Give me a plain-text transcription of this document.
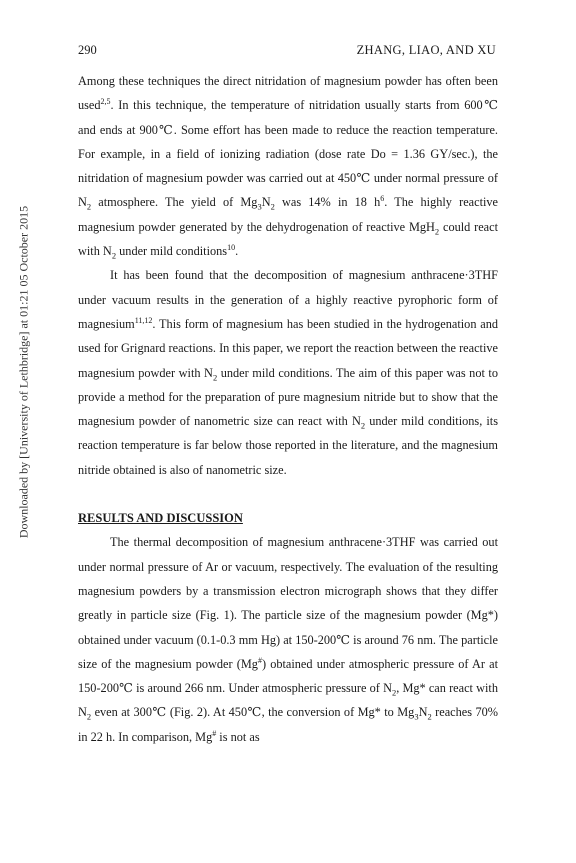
290	ZHANG, LIAO, AND XU
Downloaded by [University of Lethbridge] at 01:21 05 October 2015

Among these techniques the direct nitridation of magnesium powder has often been used$^{2,5}$. In this technique, the temperature of nitridation usually starts from 600℃ and ends at 900℃. Some effort has been made to reduce the reaction temperature. For example, in a field of ionizing radiation (dose rate Do = 1.36 GY/sec.), the nitridation of magnesium powder was carried out at 450℃ under normal pressure of $N_2$ atmosphere. The yield of $Mg_3N_2$ was 14% in 18 $h^6$. The highly reactive magnesium powder generated by the dehydrogenation of reactive MgH$_2$ could react with $N_2$ under mild conditions$^{10}$.

It has been found that the decomposition of magnesium anthracene·3THF under vacuum results in the generation of a highly reactive pyrophoric form of magnesium$^{11,12}$. This form of magnesium has been studied in the hydrogenation and used for Grignard reactions. In this paper, we report the reaction between the reactive magnesium powder with $N_2$ under mild conditions. The aim of this paper was not to provide a method for the preparation of pure magnesium nitride but to show that the magnesium powder of nanometric size can react with $N_2$ under mild conditions, its reaction temperature is far below those reported in the literature, and the magnesium nitride obtained is also of nanometric size.

RESULTS AND DISCUSSION

The thermal decomposition of magnesium anthracene·3THF was carried out under normal pressure of Ar or vacuum, respectively. The evaluation of the resulting magnesium powders by a transmission electron micrograph shows that they differ greatly in particle size (Fig. 1). The particle size of the magnesium powder (Mg*) obtained under vacuum (0.1-0.3 mm Hg) at 150-200℃ is around 76 nm. The particle size of the magnesium powder (Mg#) obtained under atmospheric pressure of Ar at 150-200℃ is around 266 nm. Under atmospheric pressure of $N_2$, Mg* can react with $N_2$ even at 300℃ (Fig. 2). At 450℃, the conversion of Mg* to $Mg_3N_2$ reaches 70% in 22 h. In comparison, Mg# is not as
